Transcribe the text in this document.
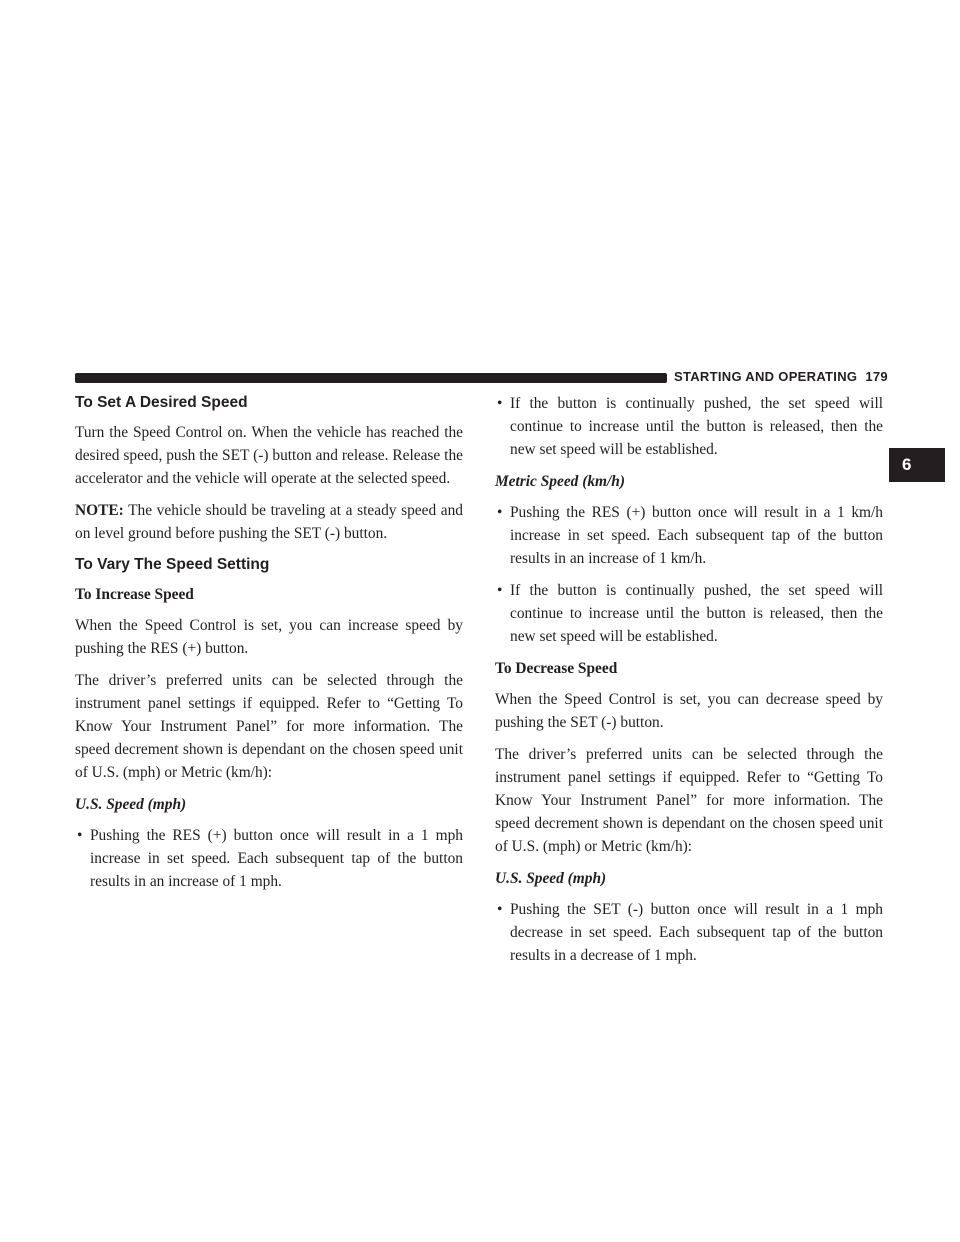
STARTING AND OPERATING 179
6
To Set A Desired Speed

Turn the Speed Control on. When the vehicle has reached the desired speed, push the SET (-) button and release. Release the accelerator and the vehicle will operate at the selected speed.

NOTE: The vehicle should be traveling at a steady speed and on level ground before pushing the SET (-) button.

To Vary The Speed Setting
To Increase Speed

When the Speed Control is set, you can increase speed by pushing the RES (+) button.

The driver’s preferred units can be selected through the instrument panel settings if equipped. Refer to “Getting To Know Your Instrument Panel” for more information. The speed decrement shown is dependant on the chosen speed unit of U.S. (mph) or Metric (km/h):

U.S. Speed (mph)
• Pushing the RES (+) button once will result in a 1 mph increase in set speed. Each subsequent tap of the button results in an increase of 1 mph.
• If the button is continually pushed, the set speed will continue to increase until the button is released, then the new set speed will be established.
Metric Speed (km/h)
• Pushing the RES (+) button once will result in a 1 km/h increase in set speed. Each subsequent tap of the button results in an increase of 1 km/h.
• If the button is continually pushed, the set speed will continue to increase until the button is released, then the new set speed will be established.
To Decrease Speed

When the Speed Control is set, you can decrease speed by pushing the SET (-) button.

The driver’s preferred units can be selected through the instrument panel settings if equipped. Refer to “Getting To Know Your Instrument Panel” for more information. The speed decrement shown is dependant on the chosen speed unit of U.S. (mph) or Metric (km/h):

U.S. Speed (mph)
• Pushing the SET (-) button once will result in a 1 mph decrease in set speed. Each subsequent tap of the button results in a decrease of 1 mph.
